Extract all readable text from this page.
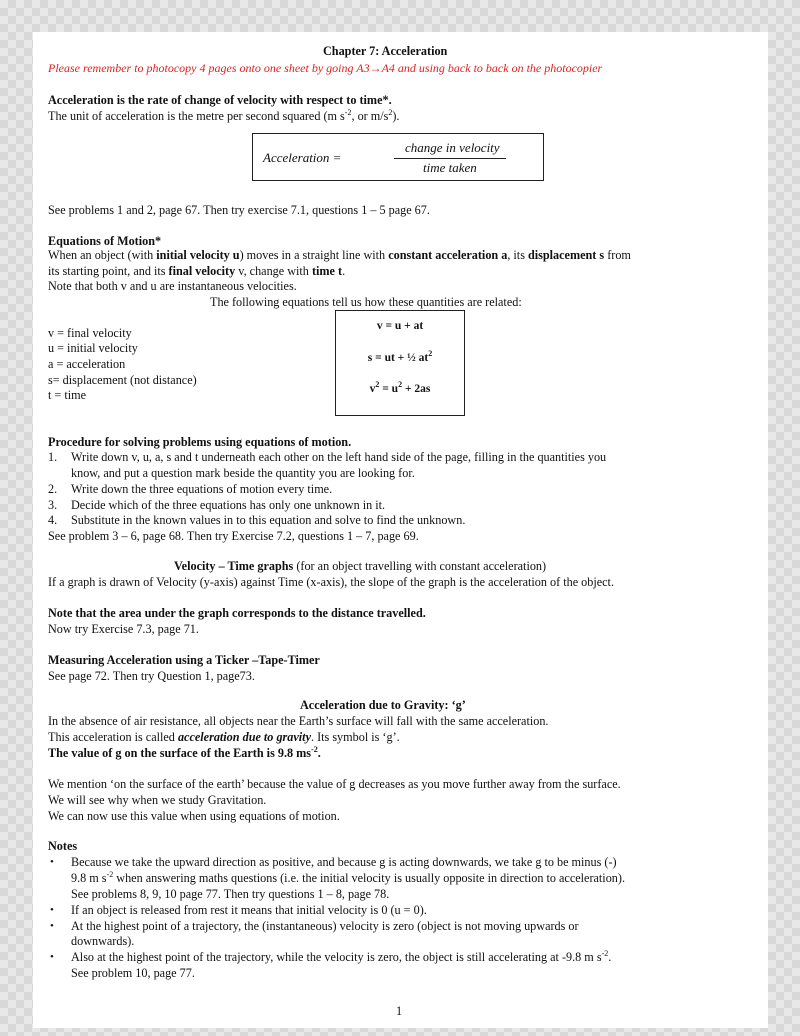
Chapter 7: Acceleration
Please remember to photocopy 4 pages onto one sheet by going A3→A4 and using back to back on the photocopier
Acceleration is the rate of change of velocity with respect to time*.
The unit of acceleration is the metre per second squared (m $s^{-2}$, or $m/s^2$).
Acceleration =
change in velocity
time taken
See problems 1 and 2, page 67. Then try exercise 7.1, questions 1 – 5 page 67.
Equations of Motion*
When an object (with initial velocity u) moves in a straight line with constant acceleration a, its displacement s from
its starting point, and its final velocity v, change with time t.
Note that both v and u are instantaneous velocities.
The following equations tell us how these quantities are related:
v = final velocity
u = initial velocity
a = acceleration
s= displacement (not distance)
t = time
v = u + at
s = ut + ½ $at^2$
$v^2 = u^2 + 2as$
Procedure for solving problems using equations of motion.
1. Write down v, u, a, s and t underneath each other on the left hand side of the page, filling in the quantities you
know, and put a question mark beside the quantity you are looking for.
2. Write down the three equations of motion every time.
3. Decide which of the three equations has only one unknown in it.
4. Substitute in the known values in to this equation and solve to find the unknown.
See problem 3 – 6, page 68. Then try Exercise 7.2, questions 1 – 7, page 69.
Velocity – Time graphs (for an object travelling with constant acceleration)
If a graph is drawn of Velocity (y-axis) against Time (x-axis), the slope of the graph is the acceleration of the object.
Note that the area under the graph corresponds to the distance travelled.
Now try Exercise 7.3, page 71.
Measuring Acceleration using a Ticker –Tape-Timer
See page 72. Then try Question 1, page73.
Acceleration due to Gravity: ‘g’
In the absence of air resistance, all objects near the Earth’s surface will fall with the same acceleration.
This acceleration is called acceleration due to gravity. Its symbol is ‘g’.
The value of g on the surface of the Earth is 9.8 $ms^{-2}$.
We mention ‘on the surface of the earth’ because the value of g decreases as you move further away from the surface.
We will see why when we study Gravitation.
We can now use this value when using equations of motion.
Notes
• Because we take the upward direction as positive, and because g is acting downwards, we take g to be minus (-)
9.8 m $s^{-2}$ when answering maths questions (i.e. the initial velocity is usually opposite in direction to acceleration).
See problems 8, 9, 10 page 77. Then try questions 1 – 8, page 78.
• If an object is released from rest it means that initial velocity is 0 (u = 0).
• At the highest point of a trajectory, the (instantaneous) velocity is zero (object is not moving upwards or
downwards).
• Also at the highest point of the trajectory, while the velocity is zero, the object is still accelerating at -9.8 m $s^{-2}$.
See problem 10, page 77.
1
